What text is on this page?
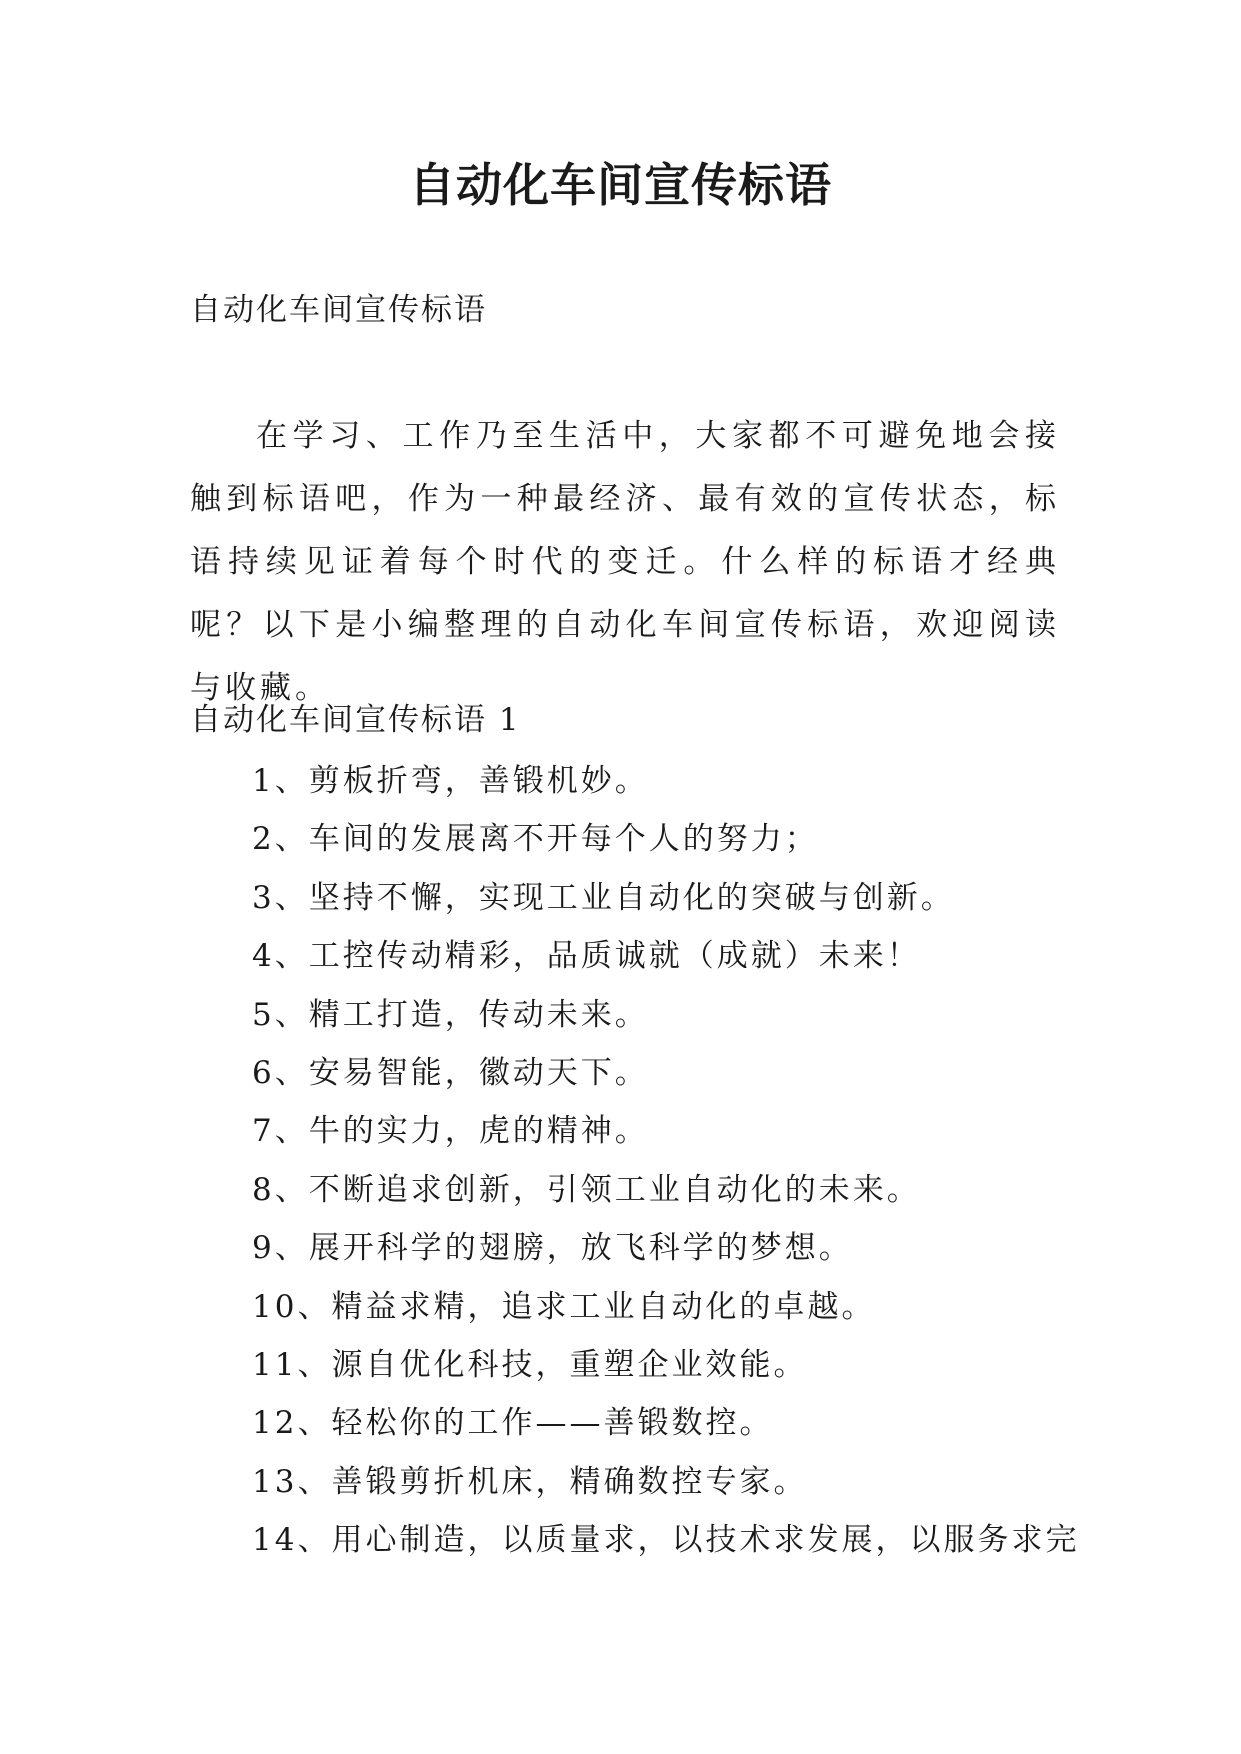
自动化车间宣传标语

自动化车间宣传标语

在学习、工作乃至生活中，大家都不可避免地会接触到标语吧，作为一种最经济、最有效的宣传状态，标语持续见证着每个时代的变迁。什么样的标语才经典呢？以下是小编整理的自动化车间宣传标语，欢迎阅读与收藏。

自动化车间宣传标语 1

1、剪板折弯，善锻机妙。
2、车间的发展离不开每个人的努力；
3、坚持不懈，实现工业自动化的突破与创新。
4、工控传动精彩，品质诚就（成就）未来！
5、精工打造，传动未来。
6、安易智能，徽动天下。
7、牛的实力，虎的精神。
8、不断追求创新，引领工业自动化的未来。
9、展开科学的翅膀，放飞科学的梦想。
10、精益求精，追求工业自动化的卓越。
11、源自优化科技，重塑企业效能。
12、轻松你的工作——善锻数控。
13、善锻剪折机床，精确数控专家。
14、用心制造，以质量求，以技术求发展，以服务求完
